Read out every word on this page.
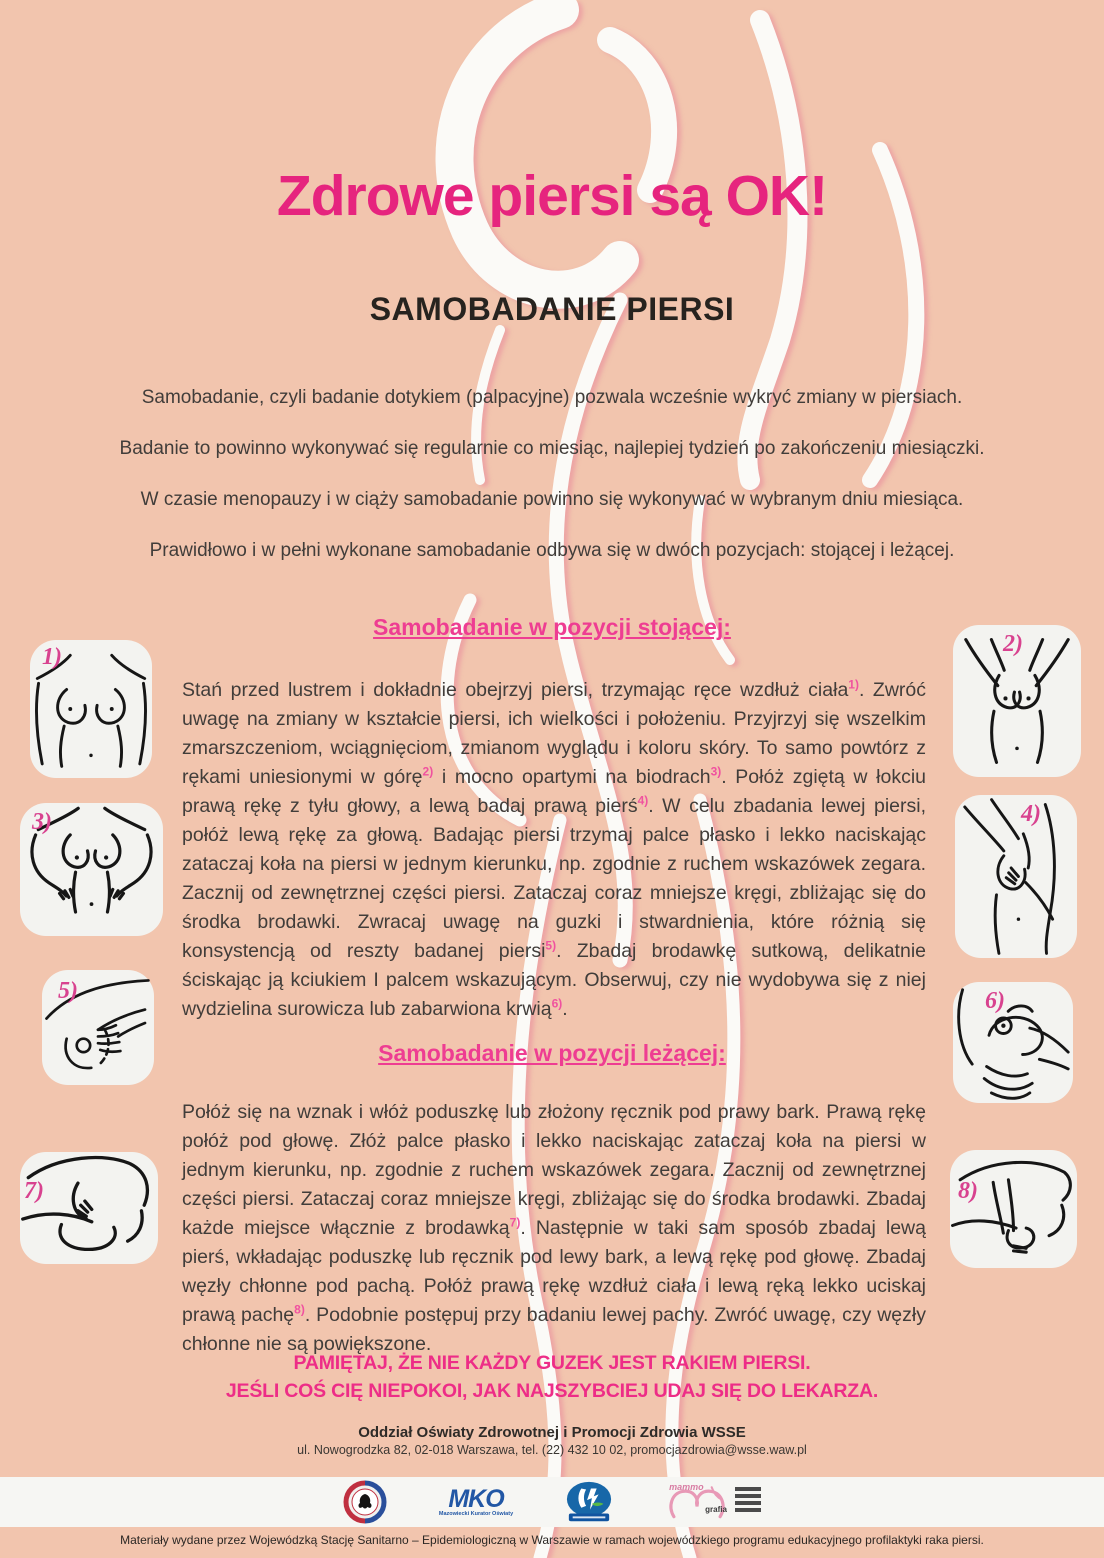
Zdrowe piersi są OK!
SAMOBADANIE PIERSI

Samobadanie, czyli badanie dotykiem (palpacyjne) pozwala wcześnie wykryć zmiany w piersiach.

Badanie to powinno wykonywać się regularnie co miesiąc, najlepiej tydzień po zakończeniu miesiączki.

W czasie menopauzy i w ciąży samobadanie powinno się wykonywać w wybranym dniu miesiąca.

Prawidłowo i w pełni wykonane samobadanie odbywa się w dwóch pozycjach: stojącej i leżącej.

Samobadanie w pozycji stojącej:

Stań przed lustrem i dokładnie obejrzyj piersi, trzymając ręce wzdłuż ciała$^{1)}$. Zwróć uwagę na zmiany w kształcie piersi, ich wielkości i położeniu. Przyjrzyj się wszelkim zmarszczeniom, wciągnięciom, zmianom wyglądu i koloru skóry. To samo powtórz z rękami uniesionymi w górę$^{2)}$ i mocno opartymi na biodrach$^{3)}$. Połóż zgiętą w łokciu prawą rękę z tyłu głowy, a lewą badaj prawą pierś$^{4)}$. W celu zbadania lewej piersi, połóż lewą rękę za głową. Badając piersi trzymaj palce płasko i lekko naciskając zataczaj koła na piersi w jednym kierunku, np. zgodnie z ruchem wskazówek zegara. Zacznij od zewnętrznej części piersi. Zataczaj coraz mniejsze kręgi, zbliżając się do środka brodawki. Zwracaj uwagę na guzki i stwardnienia, które różnią się konsystencją od reszty badanej piersi$^{5)}$. Zbadaj brodawkę sutkową, delikatnie ściskając ją kciukiem I palcem wskazującym. Obserwuj, czy nie wydobywa się z niej wydzielina surowicza lub zabarwiona krwią$^{6)}$.

Samobadanie w pozycji leżącej:

Połóż się na wznak i włóż poduszkę lub złożony ręcznik pod prawy bark. Prawą rękę połóż pod głowę. Złóż palce płasko i lekko naciskając zataczaj koła na piersi w jednym kierunku, np. zgodnie z ruchem wskazówek zegara. Zacznij od zewnętrznej części piersi. Zataczaj coraz mniejsze kręgi, zbliżając się do środka brodawki. Zbadaj każde miejsce włącznie z brodawką$^{7)}$. Następnie w taki sam sposób zbadaj lewą pierś, wkładając poduszkę lub ręcznik pod lewy bark, a lewą rękę pod głowę. Zbadaj węzły chłonne pod pachą. Połóż prawą rękę wzdłuż ciała i lewą ręką lekko uciskaj prawą pachę$^{8)}$. Podobnie postępuj przy badaniu lewej pachy. Zwróć uwagę, czy węzły chłonne nie są powiększone.

PAMIĘTAJ, ŻE NIE KAŻDY GUZEK JEST RAKIEM PIERSI.

JEŚLI COŚ CIĘ NIEPOKOI, JAK NAJSZYBCIEJ UDAJ SIĘ DO LEKARZA.

Oddział Oświaty Zdrowotnej i Promocji Zdrowia WSSE

ul. Nowogrodzka 82, 02-018 Warszawa, tel. (22) 432 10 02, promocjazdrowia@wsse.waw.pl

1)	2)
3)	4)
5)	6)
7)	8)
MKO
Mazowiecki Kurator Oświaty
mammo
grafia

Materiały wydane przez Wojewódzką Stację Sanitarno – Epidemiologiczną w Warszawie w ramach wojewódzkiego programu edukacyjnego profilaktyki raka piersi.
